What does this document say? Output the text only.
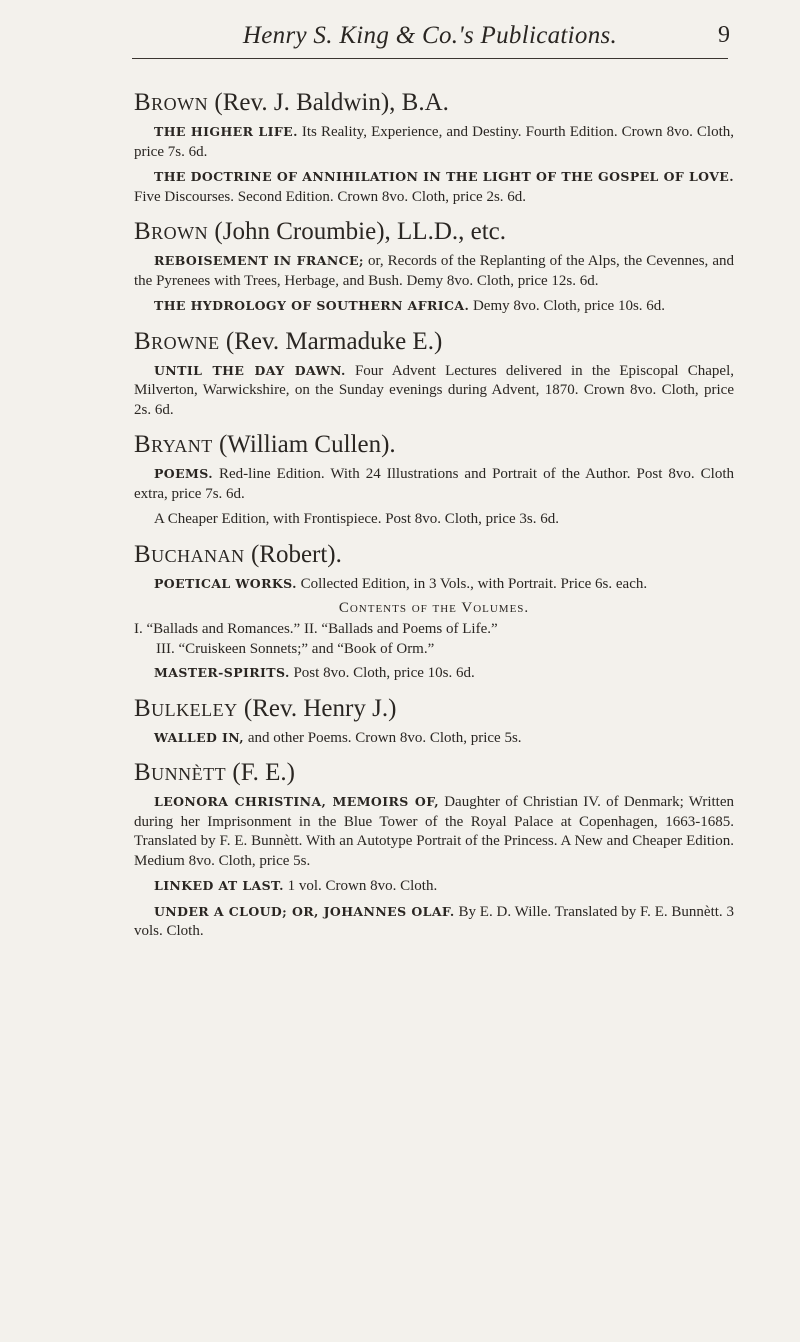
Henry S. King & Co.'s Publications.	9
Brown (Rev. J. Baldwin), B.A.

THE HIGHER LIFE. Its Reality, Experience, and Destiny. Fourth Edition. Crown 8vo. Cloth, price 7s. 6d.

THE DOCTRINE OF ANNIHILATION IN THE LIGHT OF THE GOSPEL OF LOVE. Five Discourses. Second Edition. Crown 8vo. Cloth, price 2s. 6d.

Brown (John Croumbie), LL.D., etc.

REBOISEMENT IN FRANCE; or, Records of the Replanting of the Alps, the Cevennes, and the Pyrenees with Trees, Herbage, and Bush. Demy 8vo. Cloth, price 12s. 6d.

THE HYDROLOGY OF SOUTHERN AFRICA. Demy 8vo. Cloth, price 10s. 6d.

Browne (Rev. Marmaduke E.)

UNTIL THE DAY DAWN. Four Advent Lectures delivered in the Episcopal Chapel, Milverton, Warwickshire, on the Sunday evenings during Advent, 1870. Crown 8vo. Cloth, price 2s. 6d.

Bryant (William Cullen).

POEMS. Red-line Edition. With 24 Illustrations and Portrait of the Author. Post 8vo. Cloth extra, price 7s. 6d.

A Cheaper Edition, with Frontispiece. Post 8vo. Cloth, price 3s. 6d.

Buchanan (Robert).

POETICAL WORKS. Collected Edition, in 3 Vols., with Portrait. Price 6s. each.

Contents of the Volumes.

I. “Ballads and Romances.” II. “Ballads and Poems of Life.”

III. “Cruiskeen Sonnets;” and “Book of Orm.”

MASTER-SPIRITS. Post 8vo. Cloth, price 10s. 6d.

Bulkeley (Rev. Henry J.)

WALLED IN, and other Poems. Crown 8vo. Cloth, price 5s.

Bunnètt (F. E.)

LEONORA CHRISTINA, MEMOIRS OF, Daughter of Christian IV. of Denmark; Written during her Imprisonment in the Blue Tower of the Royal Palace at Copenhagen, 1663-1685. Translated by F. E. Bunnètt. With an Autotype Portrait of the Princess. A New and Cheaper Edition. Medium 8vo. Cloth, price 5s.

LINKED AT LAST. 1 vol. Crown 8vo. Cloth.

UNDER A CLOUD; OR, JOHANNES OLAF. By E. D. Wille. Translated by F. E. Bunnètt. 3 vols. Cloth.
